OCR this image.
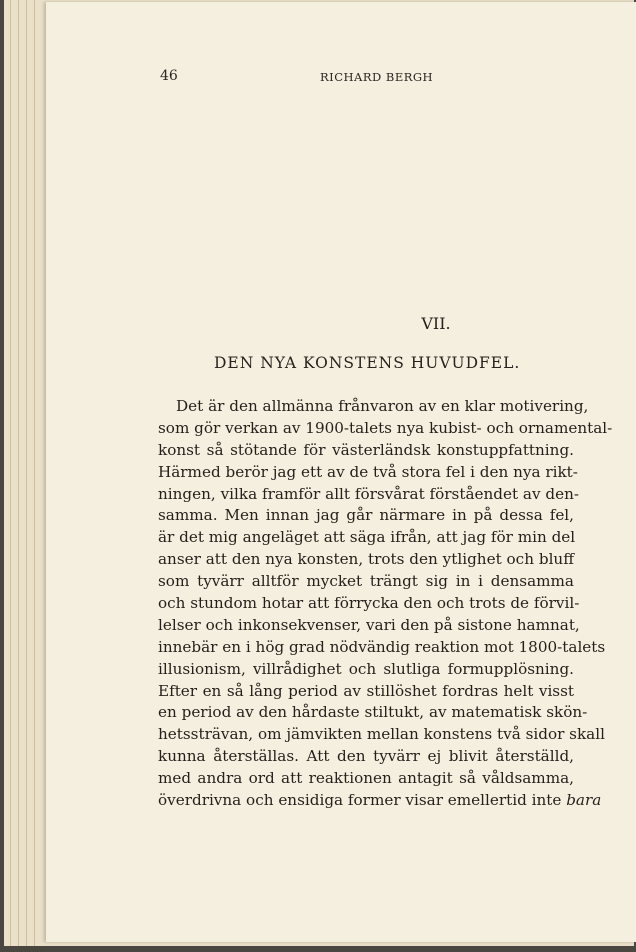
46	RICHARD BERGH
VII.
DEN NYA KONSTENS HUVUDFEL.
Det är den allmänna frånvaron av en klar motivering,
som gör verkan av 1900-talets nya kubist- och ornamental-
konst så stötande för västerländsk konstuppfattning.
Härmed berör jag ett av de två stora fel i den nya rikt-
ningen, vilka framför allt försvårat förståendet av den-
samma. Men innan jag går närmare in på dessa fel,
är det mig angeläget att säga ifrån, att jag för min del
anser att den nya konsten, trots den ytlighet och bluff
som tyvärr alltför mycket trängt sig in i densamma
och stundom hotar att förrycka den och trots de förvil-
lelser och inkonsekvenser, vari den på sistone hamnat,
innebär en i hög grad nödvändig reaktion mot 1800-talets
illusionism, villrådighet och slutliga formupplösning.
Efter en så lång period av stillöshet fordras helt visst
en period av den hårdaste stiltukt, av matematisk skön-
hetssträvan, om jämvikten mellan konstens två sidor skall
kunna återställas. Att den tyvärr ej blivit återställd,
med andra ord att reaktionen antagit så våldsamma,
överdrivna och ensidiga former visar emellertid inte bara
